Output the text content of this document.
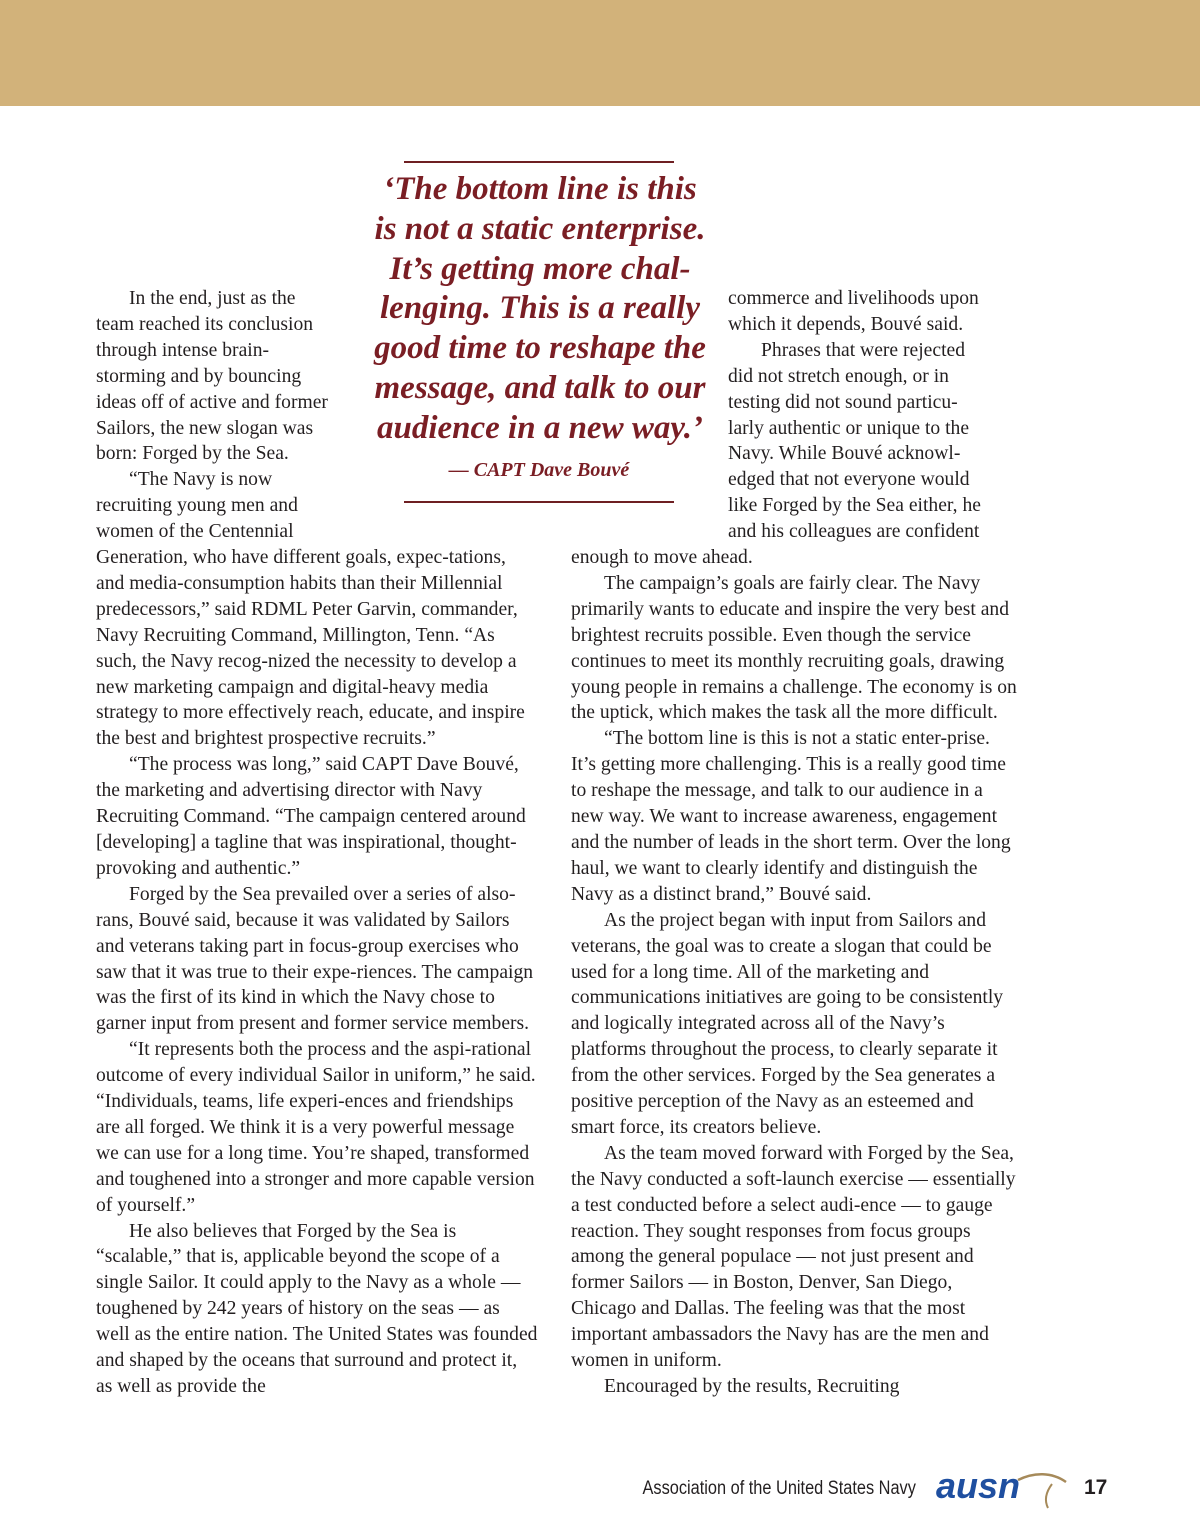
In the end, just as the

team reached its conclusion

through intense brain-

storming and by bouncing

ideas off of active and former

Sailors, the new slogan was

born: Forged by the Sea.

“The Navy is now

recruiting young men and

women of the Centennial

Generation, who have different goals, expec-tations, and media-consumption habits than their Millennial predecessors,” said RDML Peter Garvin, commander, Navy Recruiting Command, Millington, Tenn. “As such, the Navy recog-nized the necessity to develop a new marketing campaign and digital-heavy media strategy to more effectively reach, educate, and inspire the best and brightest prospective recruits.”

“The process was long,” said CAPT Dave Bouvé, the marketing and advertising director with Navy Recruiting Command. “The campaign centered around [developing] a tagline that was inspirational, thought-provoking and authentic.”

Forged by the Sea prevailed over a series of also-rans, Bouvé said, because it was validated by Sailors and veterans taking part in focus-group exercises who saw that it was true to their expe-riences. The campaign was the first of its kind in which the Navy chose to garner input from present and former service members.

“It represents both the process and the aspi-rational outcome of every individual Sailor in uniform,” he said. “Individuals, teams, life experi-ences and friendships are all forged. We think it is a very powerful message we can use for a long time. You’re shaped, transformed and toughened into a stronger and more capable version of yourself.”

He also believes that Forged by the Sea is “scalable,” that is, applicable beyond the scope of a single Sailor. It could apply to the Navy as a whole — toughened by 242 years of history on the seas — as well as the entire nation. The United States was founded and shaped by the oceans that surround and protect it, as well as provide the

‘The bottom line is this
is not a static enterprise.
It’s getting more chal-
lenging. This is a really
good time to reshape the
message, and talk to our
audience in a new way.’
— CAPT Dave Bouvé

commerce and livelihoods upon

which it depends, Bouvé said.

Phrases that were rejected

did not stretch enough, or in

testing did not sound particu-

larly authentic or unique to the

Navy. While Bouvé acknowl-

edged that not everyone would

like Forged by the Sea either, he

and his colleagues are confident

enough to move ahead.

The campaign’s goals are fairly clear. The Navy primarily wants to educate and inspire the very best and brightest recruits possible. Even though the service continues to meet its monthly recruiting goals, drawing young people in remains a challenge. The economy is on the uptick, which makes the task all the more difficult.

“The bottom line is this is not a static enter-prise. It’s getting more challenging. This is a really good time to reshape the message, and talk to our audience in a new way. We want to increase awareness, engagement and the number of leads in the short term. Over the long haul, we want to clearly identify and distinguish the Navy as a distinct brand,” Bouvé said.

As the project began with input from Sailors and veterans, the goal was to create a slogan that could be used for a long time. All of the marketing and communications initiatives are going to be consistently and logically integrated across all of the Navy’s platforms throughout the process, to clearly separate it from the other services. Forged by the Sea generates a positive perception of the Navy as an esteemed and smart force, its creators believe.

As the team moved forward with Forged by the Sea, the Navy conducted a soft-launch exercise — essentially a test conducted before a select audi-ence — to gauge reaction. They sought responses from focus groups among the general populace — not just present and former Sailors — in Boston, Denver, San Diego, Chicago and Dallas. The feeling was that the most important ambassadors the Navy has are the men and women in uniform.

Encouraged by the results, Recruiting

Association of the United States Navy ausn	17
